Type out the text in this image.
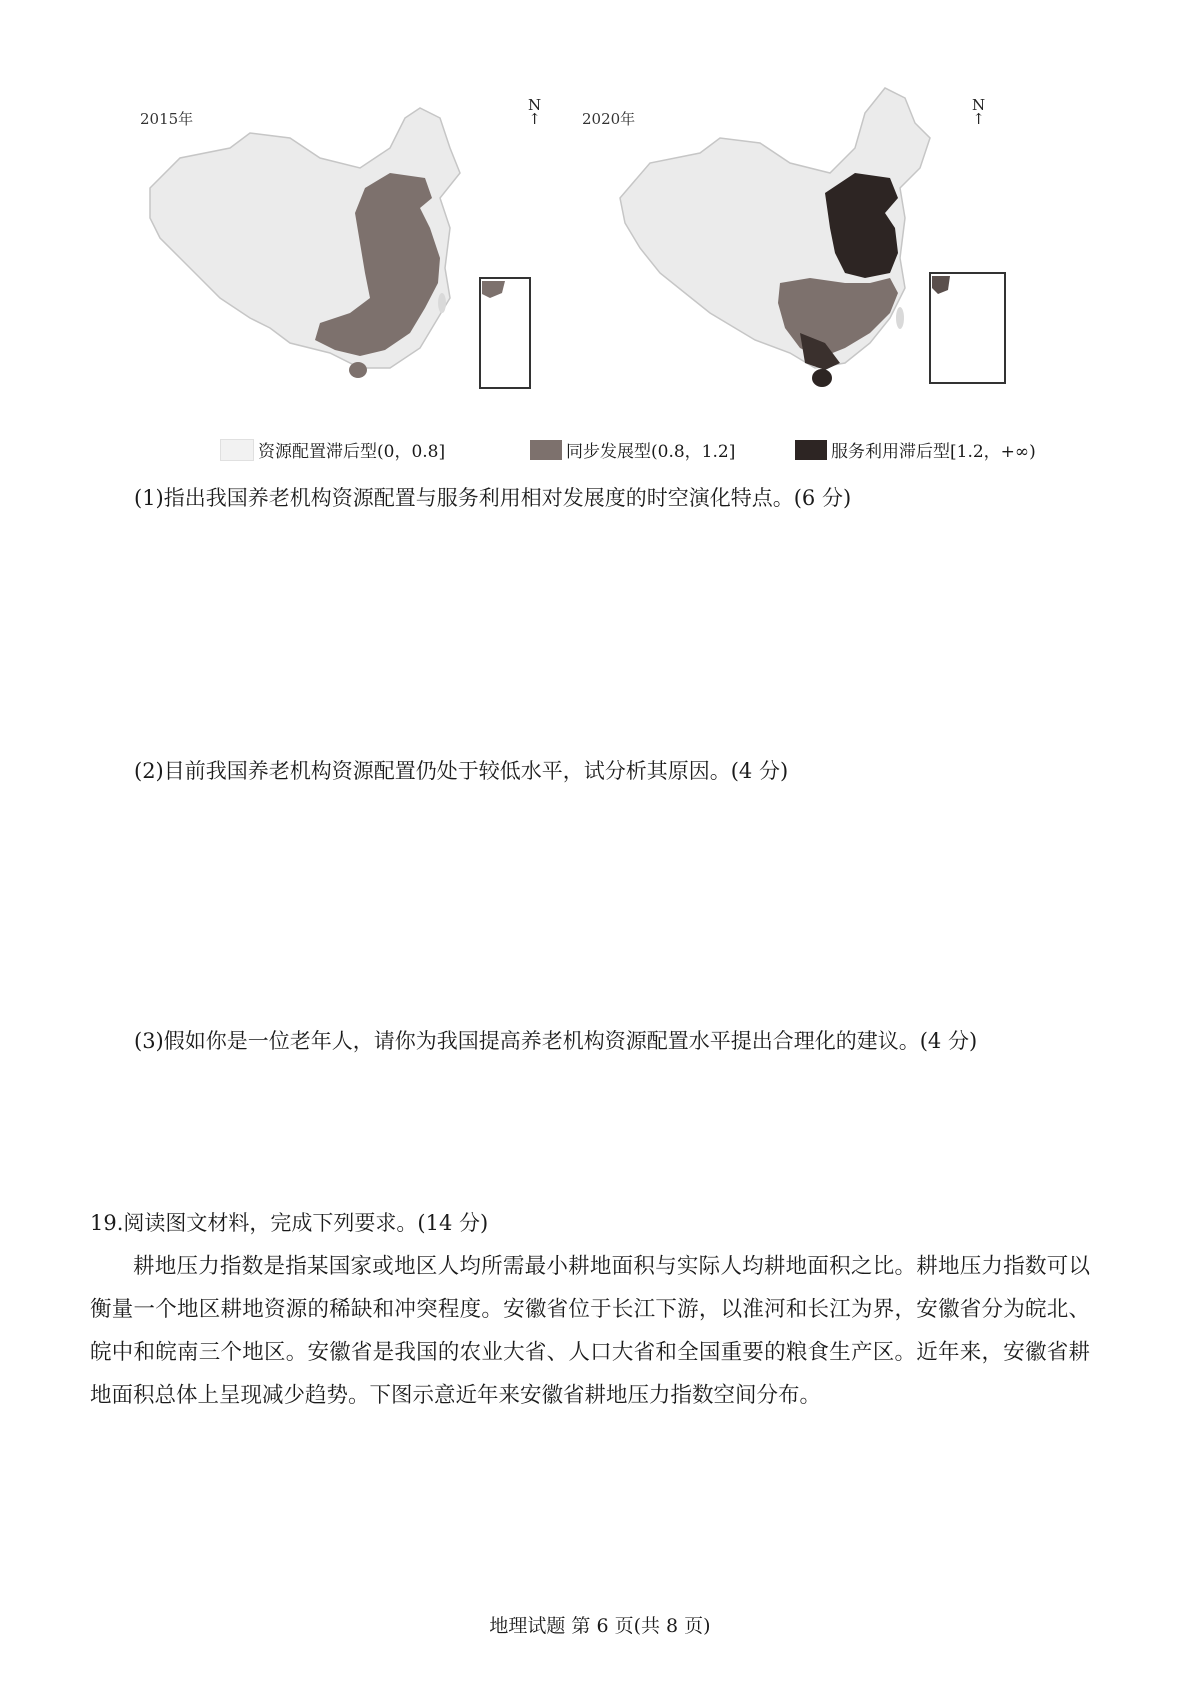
2015年
N
↑	2020年
N
↑
资源配置滞后型(0，0.8]	同步发展型(0.8，1.2]	服务利用滞后型[1.2，+∞)
(1)指出我国养老机构资源配置与服务利用相对发展度的时空演化特点。(6 分)
(2)目前我国养老机构资源配置仍处于较低水平，试分析其原因。(4 分)
(3)假如你是一位老年人，请你为我国提高养老机构资源配置水平提出合理化的建议。(4 分)
19.阅读图文材料，完成下列要求。(14 分)
耕地压力指数是指某国家或地区人均所需最小耕地面积与实际人均耕地面积之比。耕地压力指数可以衡量一个地区耕地资源的稀缺和冲突程度。安徽省位于长江下游，以淮河和长江为界，安徽省分为皖北、皖中和皖南三个地区。安徽省是我国的农业大省、人口大省和全国重要的粮食生产区。近年来，安徽省耕地面积总体上呈现减少趋势。下图示意近年来安徽省耕地压力指数空间分布。
地理试题 第 6 页(共 8 页)
